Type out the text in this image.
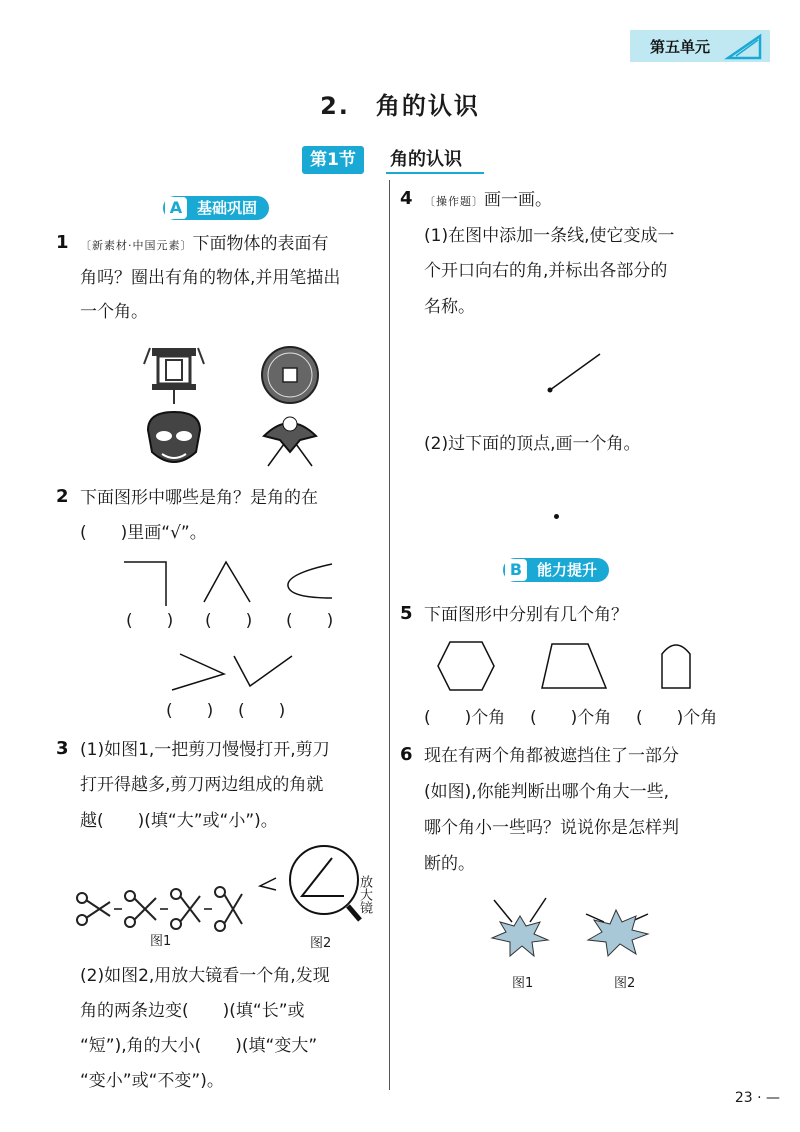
第五单元
2.　角的认识
第1节	角的认识
A 基础巩固
1 〔新素材·中国元素〕下面物体的表面有
角吗？圈出有角的物体,并用笔描出
一个角。
2 下面图形中哪些是角？是角的在
(　　)里画“√”。
(　　) (　　) (　　)
(　　) (　　)
3 (1)如图1,一把剪刀慢慢打开,剪刀
打开得越多,剪刀两边组成的角就
越(　　)(填“大”或“小”)。
放大镜
图1	图2
(2)如图2,用放大镜看一个角,发现
角的两条边变(　　)(填“长”或
“短”),角的大小(　　)(填“变大”
“变小”或“不变”)。
4 〔操作题〕画一画。
(1)在图中添加一条线,使它变成一
个开口向右的角,并标出各部分的
名称。
(2)过下面的顶点,画一个角。
B 能力提升
5 下面图形中分别有几个角？
(　　)个角 (　　)个角 (　　)个角
6 现在有两个角都被遮挡住了一部分
(如图),你能判断出哪个角大一些,
哪个角小一些吗？说说你是怎样判
断的。
图1	图2
23 · —
